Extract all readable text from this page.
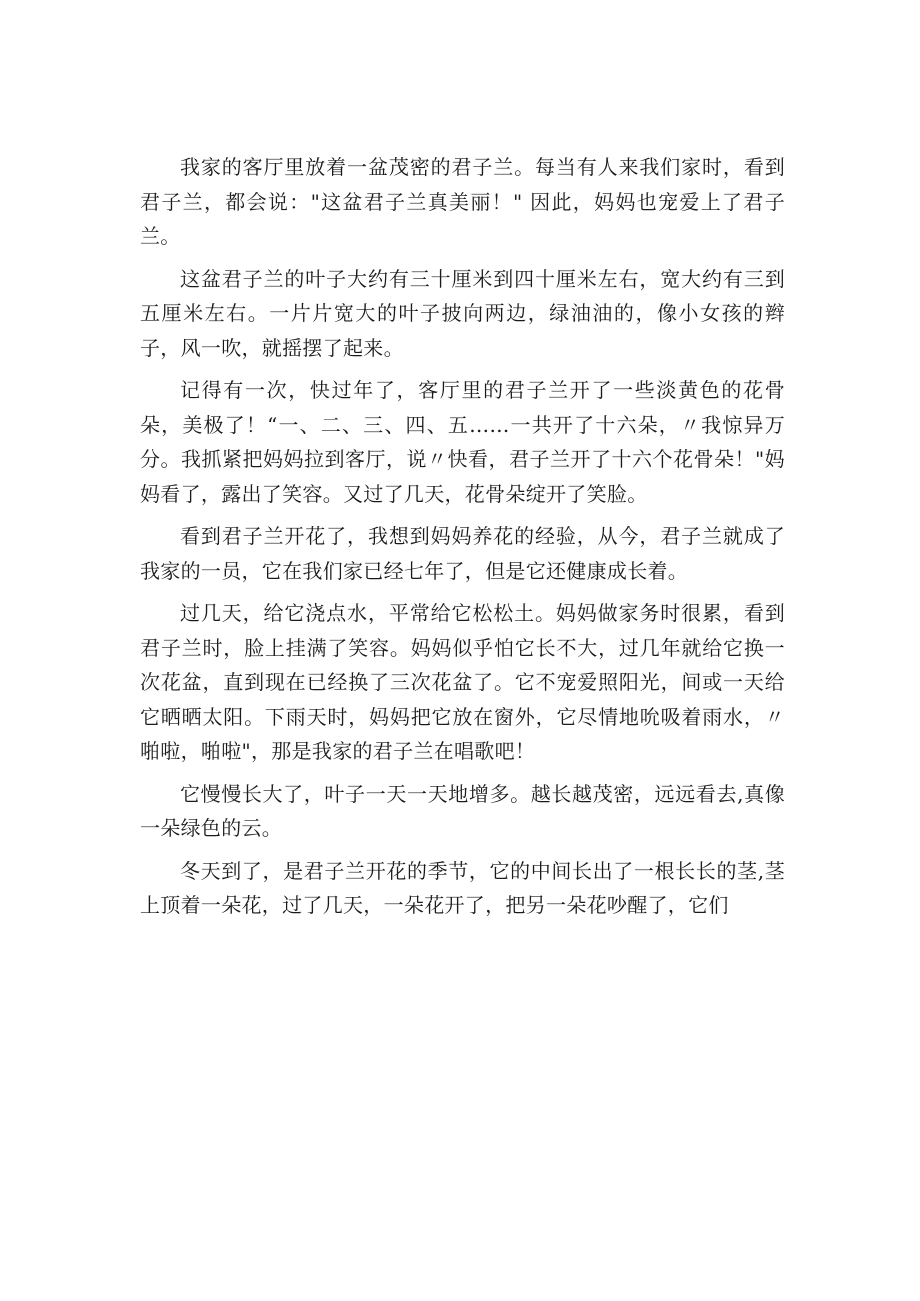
我家的客厅里放着一盆茂密的君子兰。每当有人来我们家时，看到君子兰，都会说："这盆君子兰真美丽！" 因此，妈妈也宠爱上了君子兰。

这盆君子兰的叶子大约有三十厘米到四十厘米左右，宽大约有三到五厘米左右。一片片宽大的叶子披向两边，绿油油的，像小女孩的辫子，风一吹，就摇摆了起来。

记得有一次，快过年了，客厅里的君子兰开了一些淡黄色的花骨朵，美极了！“一、二、三、四、五……一共开了十六朵，〃我惊异万分。我抓紧把妈妈拉到客厅，说〃快看，君子兰开了十六个花骨朵！"妈妈看了，露出了笑容。又过了几天，花骨朵绽开了笑脸。

看到君子兰开花了，我想到妈妈养花的经验，从今，君子兰就成了我家的一员，它在我们家已经七年了，但是它还健康成长着。

过几天，给它浇点水，平常给它松松土。妈妈做家务时很累，看到君子兰时，脸上挂满了笑容。妈妈似乎怕它长不大，过几年就给它换一次花盆，直到现在已经换了三次花盆了。它不宠爱照阳光，间或一天给它晒晒太阳。下雨天时，妈妈把它放在窗外，它尽情地吮吸着雨水，〃啪啦，啪啦"，那是我家的君子兰在唱歌吧！

它慢慢长大了，叶子一天一天地增多。越长越茂密，远远看去,真像一朵绿色的云。

冬天到了，是君子兰开花的季节，它的中间长出了一根长长的茎,茎上顶着一朵花，过了几天，一朵花开了，把另一朵花吵醒了，它们
